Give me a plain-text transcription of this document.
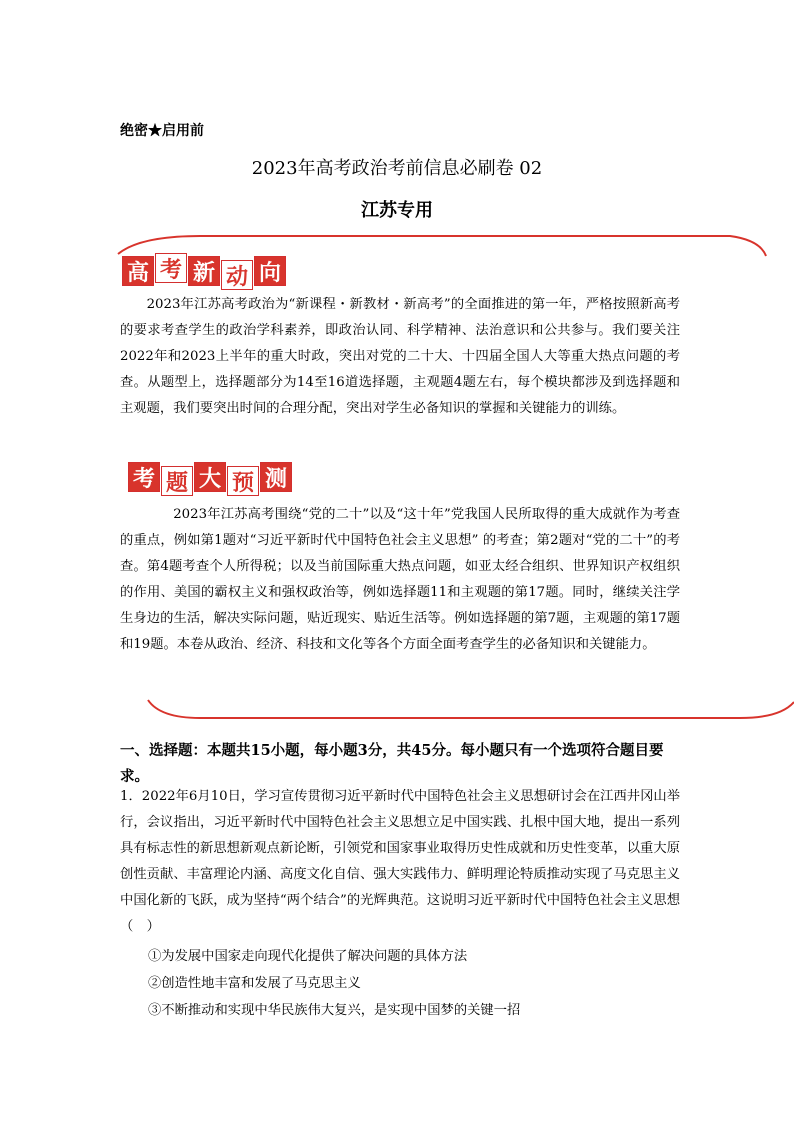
绝密★启用前
2023年高考政治考前信息必刷卷 02
江苏专用
高 考 新 动 向

2023年江苏高考政治为“新课程・新教材・新高考”的全面推进的第一年，严格按照新高考的要求考查学生的政治学科素养，即政治认同、科学精神、法治意识和公共参与。我们要关注2022年和2023上半年的重大时政，突出对党的二十大、十四届全国人大等重大热点问题的考查。从题型上，选择题部分为14至16道选择题，主观题4题左右，每个模块都涉及到选择题和主观题，我们要突出时间的合理分配，突出对学生必备知识的掌握和关键能力的训练。

考 题 大 预 测

2023年江苏高考围绕“党的二十”以及“这十年”党我国人民所取得的重大成就作为考查的重点，例如第1题对“习近平新时代中国特色社会主义思想” 的考查；第2题对“党的二十”的考查。第4题考查个人所得税；以及当前国际重大热点问题，如亚太经合组织、世界知识产权组织的作用、美国的霸权主义和强权政治等，例如选择题11和主观题的第17题。同时，继续关注学生身边的生活，解决实际问题，贴近现实、贴近生活等。例如选择题的第7题，主观题的第17题和19题。本卷从政治、经济、科技和文化等各个方面全面考查学生的必备知识和关键能力。

一、选择题：本题共15小题，每小题3分，共45分。每小题只有一个选项符合题目要求。
1．2022年6月10日，学习宣传贯彻习近平新时代中国特色社会主义思想研讨会在江西井冈山举行，会议指出，习近平新时代中国特色社会主义思想立足中国实践、扎根中国大地，提出一系列具有标志性的新思想新观点新论断，引领党和国家事业取得历史性成就和历史性变革，以重大原创性贡献、丰富理论内涵、高度文化自信、强大实践伟力、鲜明理论特质推动实现了马克思主义中国化新的飞跃，成为坚持“两个结合”的光辉典范。这说明习近平新时代中国特色社会主义思想（　）
①为发展中国家走向现代化提供了解决问题的具体方法
②创造性地丰富和发展了马克思主义
③不断推动和实现中华民族伟大复兴，是实现中国梦的关键一招
